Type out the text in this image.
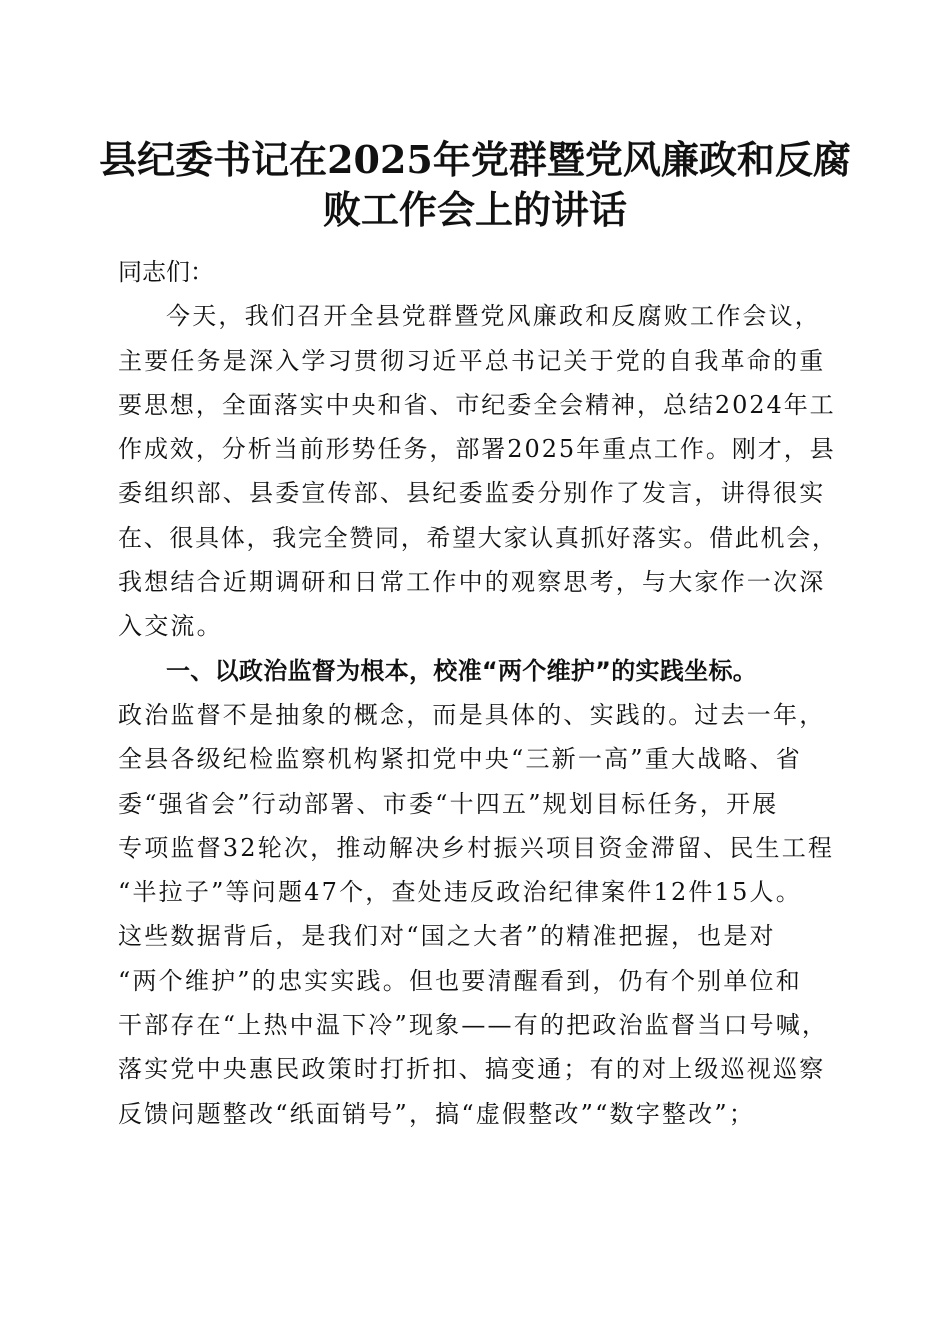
县纪委书记在2025年党群暨党风廉政和反腐
败工作会上的讲话
同志们：
今天，我们召开全县党群暨党风廉政和反腐败工作会议，
主要任务是深入学习贯彻习近平总书记关于党的自我革命的重
要思想，全面落实中央和省、市纪委全会精神，总结2024年工
作成效，分析当前形势任务，部署2025年重点工作。刚才，县
委组织部、县委宣传部、县纪委监委分别作了发言，讲得很实
在、很具体，我完全赞同，希望大家认真抓好落实。借此机会，
我想结合近期调研和日常工作中的观察思考，与大家作一次深
入交流。
一、以政治监督为根本，校准“两个维护”的实践坐标。
政治监督不是抽象的概念，而是具体的、实践的。过去一年，
全县各级纪检监察机构紧扣党中央“三新一高”重大战略、省
委“强省会”行动部署、市委“十四五”规划目标任务，开展
专项监督32轮次，推动解决乡村振兴项目资金滞留、民生工程
“半拉子”等问题47个，查处违反政治纪律案件12件15人。
这些数据背后，是我们对“国之大者”的精准把握，也是对
“两个维护”的忠实实践。但也要清醒看到，仍有个别单位和
干部存在“上热中温下冷”现象——有的把政治监督当口号喊，
落实党中央惠民政策时打折扣、搞变通；有的对上级巡视巡察
反馈问题整改“纸面销号”，搞“虚假整改”“数字整改”；
